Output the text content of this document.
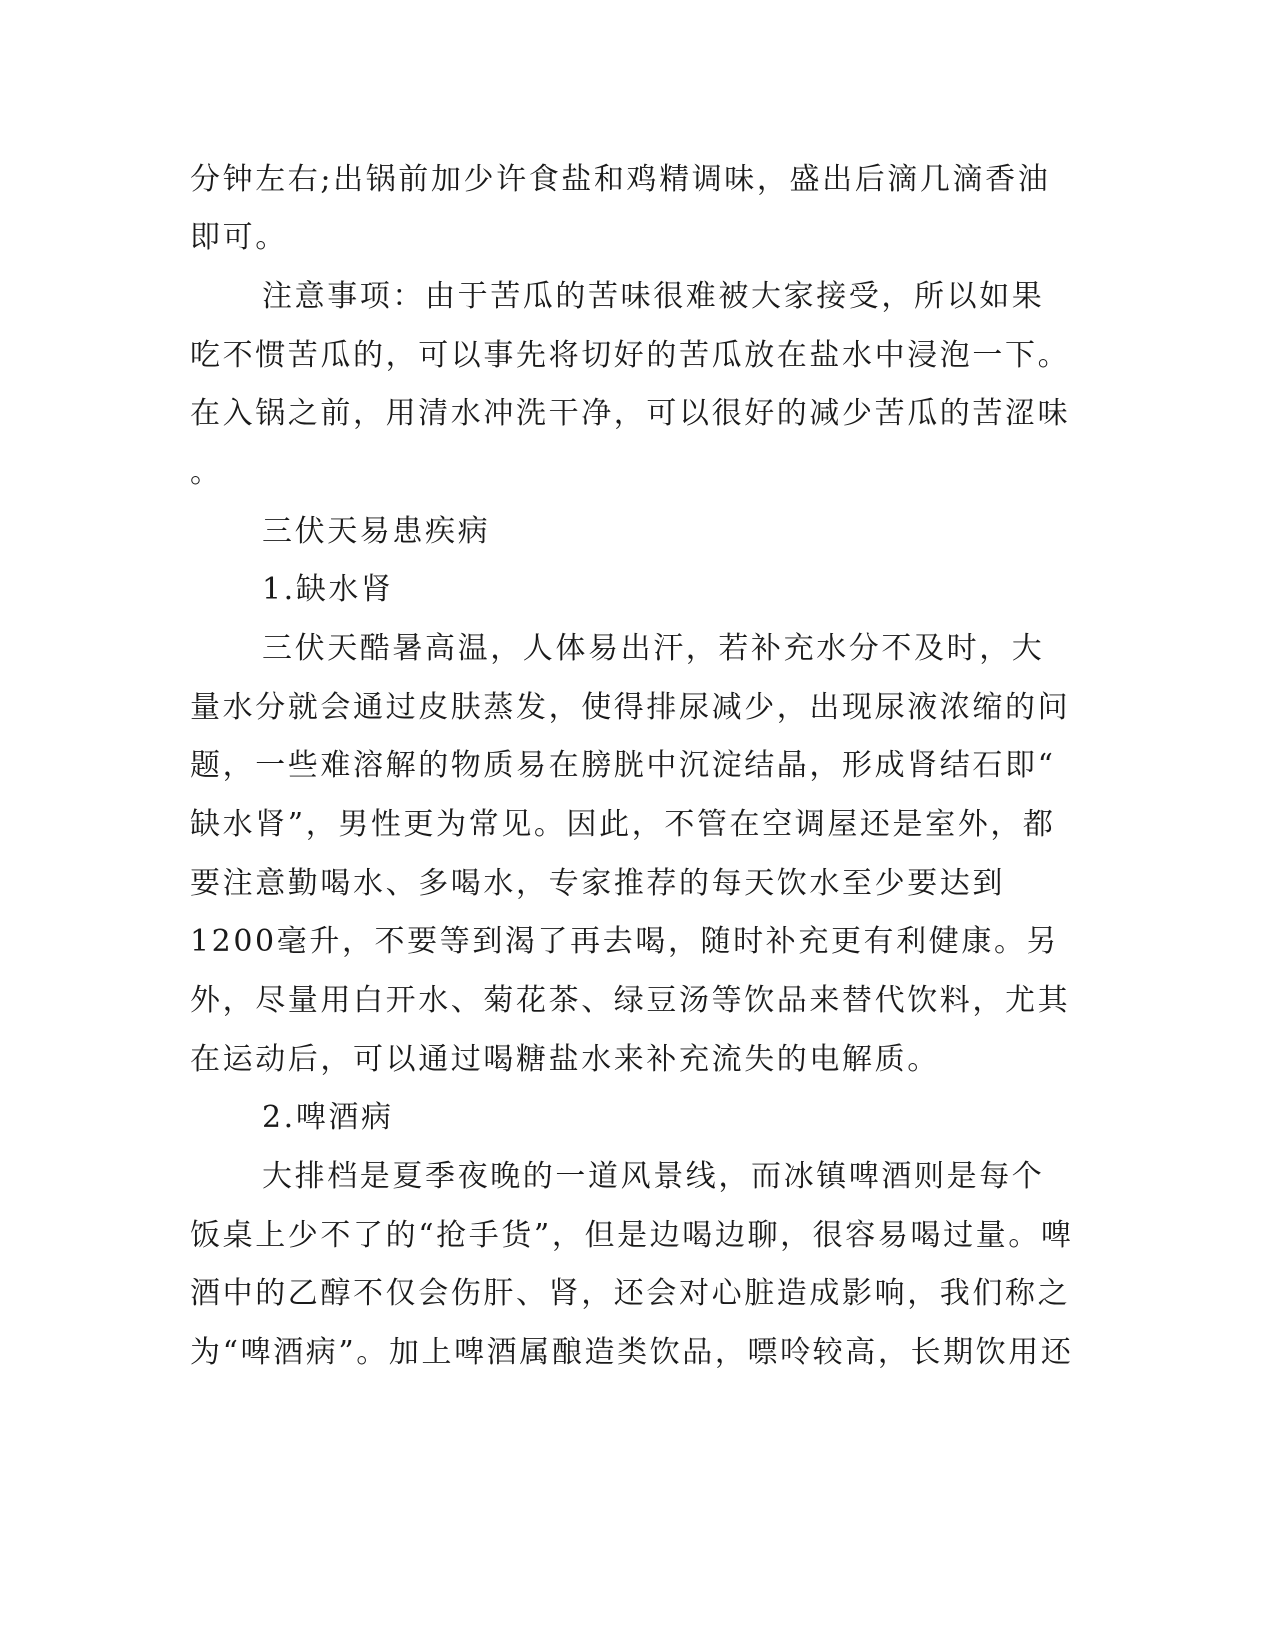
分钟左右;出锅前加少许食盐和鸡精调味，盛出后滴几滴香油
即可。
注意事项：由于苦瓜的苦味很难被大家接受，所以如果
吃不惯苦瓜的，可以事先将切好的苦瓜放在盐水中浸泡一下。
在入锅之前，用清水冲洗干净，可以很好的减少苦瓜的苦涩味
。
三伏天易患疾病
1.缺水肾
三伏天酷暑高温，人体易出汗，若补充水分不及时，大
量水分就会通过皮肤蒸发，使得排尿减少，出现尿液浓缩的问
题，一些难溶解的物质易在膀胱中沉淀结晶，形成肾结石即“
缺水肾”，男性更为常见。因此，不管在空调屋还是室外，都
要注意勤喝水、多喝水，专家推荐的每天饮水至少要达到
1200毫升，不要等到渴了再去喝，随时补充更有利健康。另
外，尽量用白开水、菊花茶、绿豆汤等饮品来替代饮料，尤其
在运动后，可以通过喝糖盐水来补充流失的电解质。
2.啤酒病
大排档是夏季夜晚的一道风景线，而冰镇啤酒则是每个
饭桌上少不了的“抢手货”，但是边喝边聊，很容易喝过量。啤
酒中的乙醇不仅会伤肝、肾，还会对心脏造成影响，我们称之
为“啤酒病”。加上啤酒属酿造类饮品，嘌呤较高，长期饮用还
